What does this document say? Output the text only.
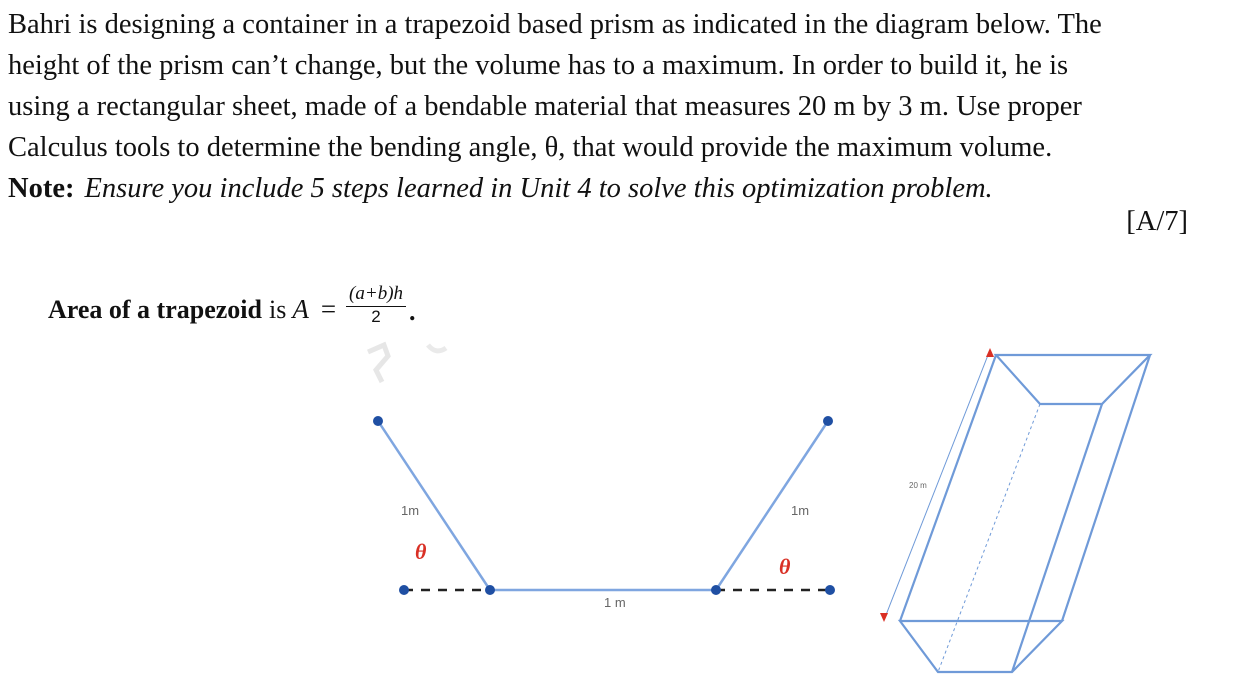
Bahri is designing a container in a trapezoid based prism as indicated in the diagram below. The

height of the prism can’t change, but the volume has to a maximum. In order to build it, he is

using a rectangular sheet, made of a bendable material that measures 20 m by 3 m. Use proper

Calculus tools to determine the bending angle, θ, that would provide the maximum volume.

Note: Ensure you include 5 steps learned in Unit 4 to solve this optimization problem.

[A/7]
Area of a trapezoid is $A = \frac{(a+b)h}{2}$ .
1m	1m
1 m
θ
θ
20 m
